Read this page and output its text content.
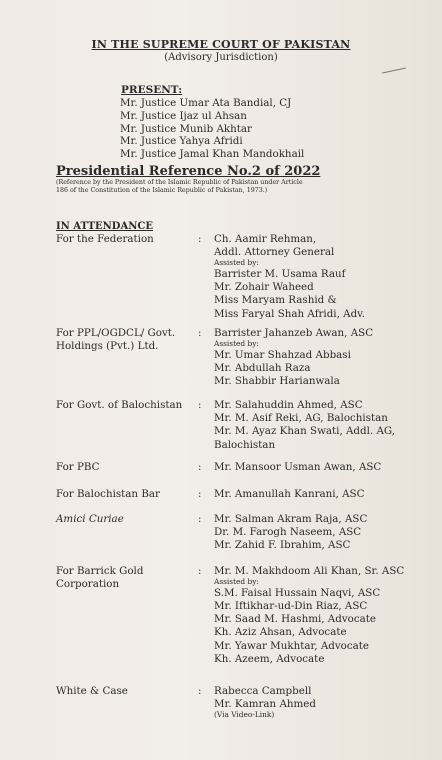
IN THE SUPREME COURT OF PAKISTAN
(Advisory Jurisdiction)
PRESENT:
Mr. Justice Umar Ata Bandial, CJ
Mr. Justice Ijaz ul Ahsan
Mr. Justice Munib Akhtar
Mr. Justice Yahya Afridi
Mr. Justice Jamal Khan Mandokhail
Presidential Reference No.2 of 2022
(Reference by the President of the Islamic Republic of Pakistan under Article 186 of the Constitution of the Islamic Republic of Pakistan, 1973.)
IN ATTENDANCE
For the Federation	: Ch. Aamir Rehman,
Addl. Attorney General
Assisted by:
Barrister M. Usama Rauf
Mr. Zohair Waheed
Miss Maryam Rashid &
Miss Faryal Shah Afridi, Adv.
For PPL/OGDCL/ Govt.
Holdings (Pvt.) Ltd.
: Barrister Jahanzeb Awan, ASC
Assisted by:
Mr. Umar Shahzad Abbasi
Mr. Abdullah Raza
Mr. Shabbir Harianwala
For Govt. of Balochistan	: Mr. Salahuddin Ahmed, ASC
Mr. M. Asif Reki, AG, Balochistan
Mr. M. Ayaz Khan Swati, Addl. AG,
Balochistan
For PBC	: Mr. Mansoor Usman Awan, ASC
For Balochistan Bar	: Mr. Amanullah Kanrani, ASC
Amici Curiae	: Mr. Salman Akram Raja, ASC
Dr. M. Farogh Naseem, ASC
Mr. Zahid F. Ibrahim, ASC
For Barrick Gold
Corporation
: Mr. M. Makhdoom Ali Khan, Sr. ASC
Assisted by:
S.M. Faisal Hussain Naqvi, ASC
Mr. Iftikhar-ud-Din Riaz, ASC
Mr. Saad M. Hashmi, Advocate
Kh. Aziz Ahsan, Advocate
Mr. Yawar Mukhtar, Advocate
Kh. Azeem, Advocate
White & Case	: Rabecca Campbell
Mr. Kamran Ahmed
(Via Video-Link)
